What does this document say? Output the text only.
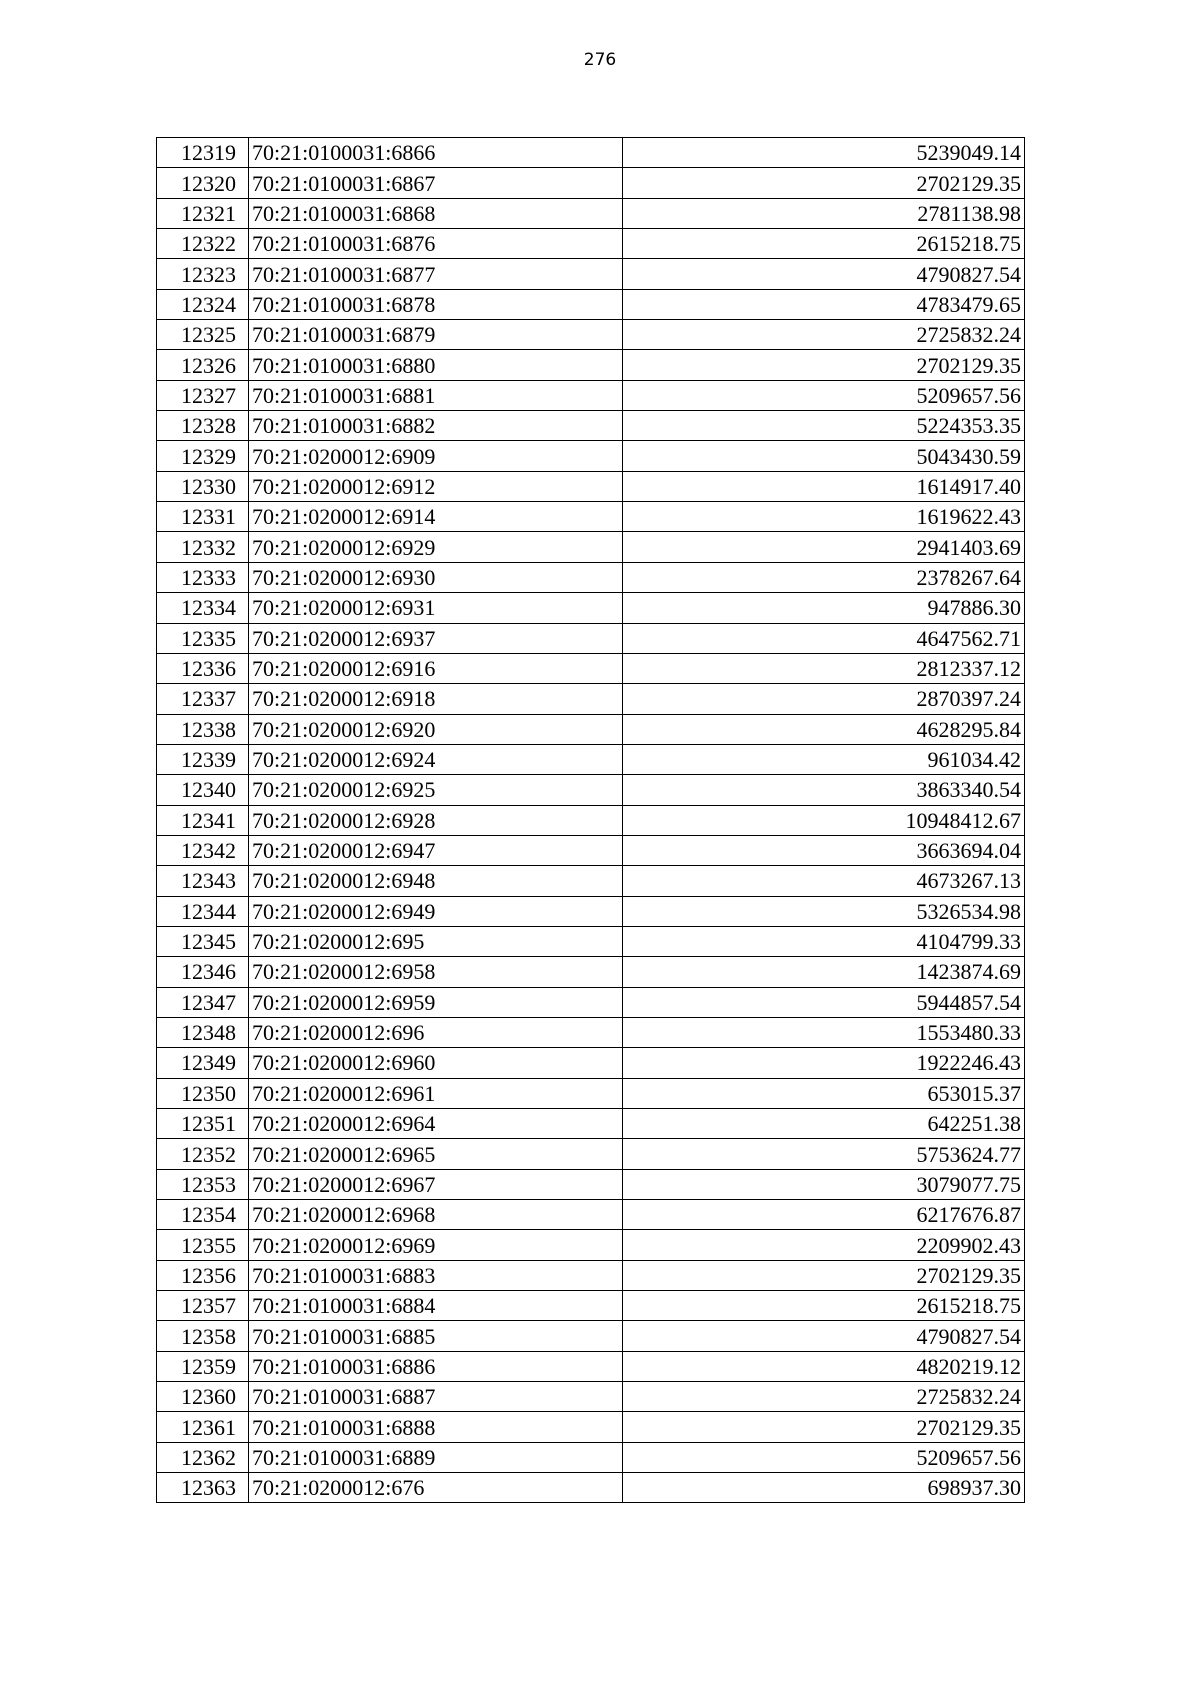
276
12319	70:21:0100031:6866	5239049.14
12320	70:21:0100031:6867	2702129.35
12321	70:21:0100031:6868	2781138.98
12322	70:21:0100031:6876	2615218.75
12323	70:21:0100031:6877	4790827.54
12324	70:21:0100031:6878	4783479.65
12325	70:21:0100031:6879	2725832.24
12326	70:21:0100031:6880	2702129.35
12327	70:21:0100031:6881	5209657.56
12328	70:21:0100031:6882	5224353.35
12329	70:21:0200012:6909	5043430.59
12330	70:21:0200012:6912	1614917.40
12331	70:21:0200012:6914	1619622.43
12332	70:21:0200012:6929	2941403.69
12333	70:21:0200012:6930	2378267.64
12334	70:21:0200012:6931	947886.30
12335	70:21:0200012:6937	4647562.71
12336	70:21:0200012:6916	2812337.12
12337	70:21:0200012:6918	2870397.24
12338	70:21:0200012:6920	4628295.84
12339	70:21:0200012:6924	961034.42
12340	70:21:0200012:6925	3863340.54
12341	70:21:0200012:6928	10948412.67
12342	70:21:0200012:6947	3663694.04
12343	70:21:0200012:6948	4673267.13
12344	70:21:0200012:6949	5326534.98
12345	70:21:0200012:695	4104799.33
12346	70:21:0200012:6958	1423874.69
12347	70:21:0200012:6959	5944857.54
12348	70:21:0200012:696	1553480.33
12349	70:21:0200012:6960	1922246.43
12350	70:21:0200012:6961	653015.37
12351	70:21:0200012:6964	642251.38
12352	70:21:0200012:6965	5753624.77
12353	70:21:0200012:6967	3079077.75
12354	70:21:0200012:6968	6217676.87
12355	70:21:0200012:6969	2209902.43
12356	70:21:0100031:6883	2702129.35
12357	70:21:0100031:6884	2615218.75
12358	70:21:0100031:6885	4790827.54
12359	70:21:0100031:6886	4820219.12
12360	70:21:0100031:6887	2725832.24
12361	70:21:0100031:6888	2702129.35
12362	70:21:0100031:6889	5209657.56
12363	70:21:0200012:676	698937.30
